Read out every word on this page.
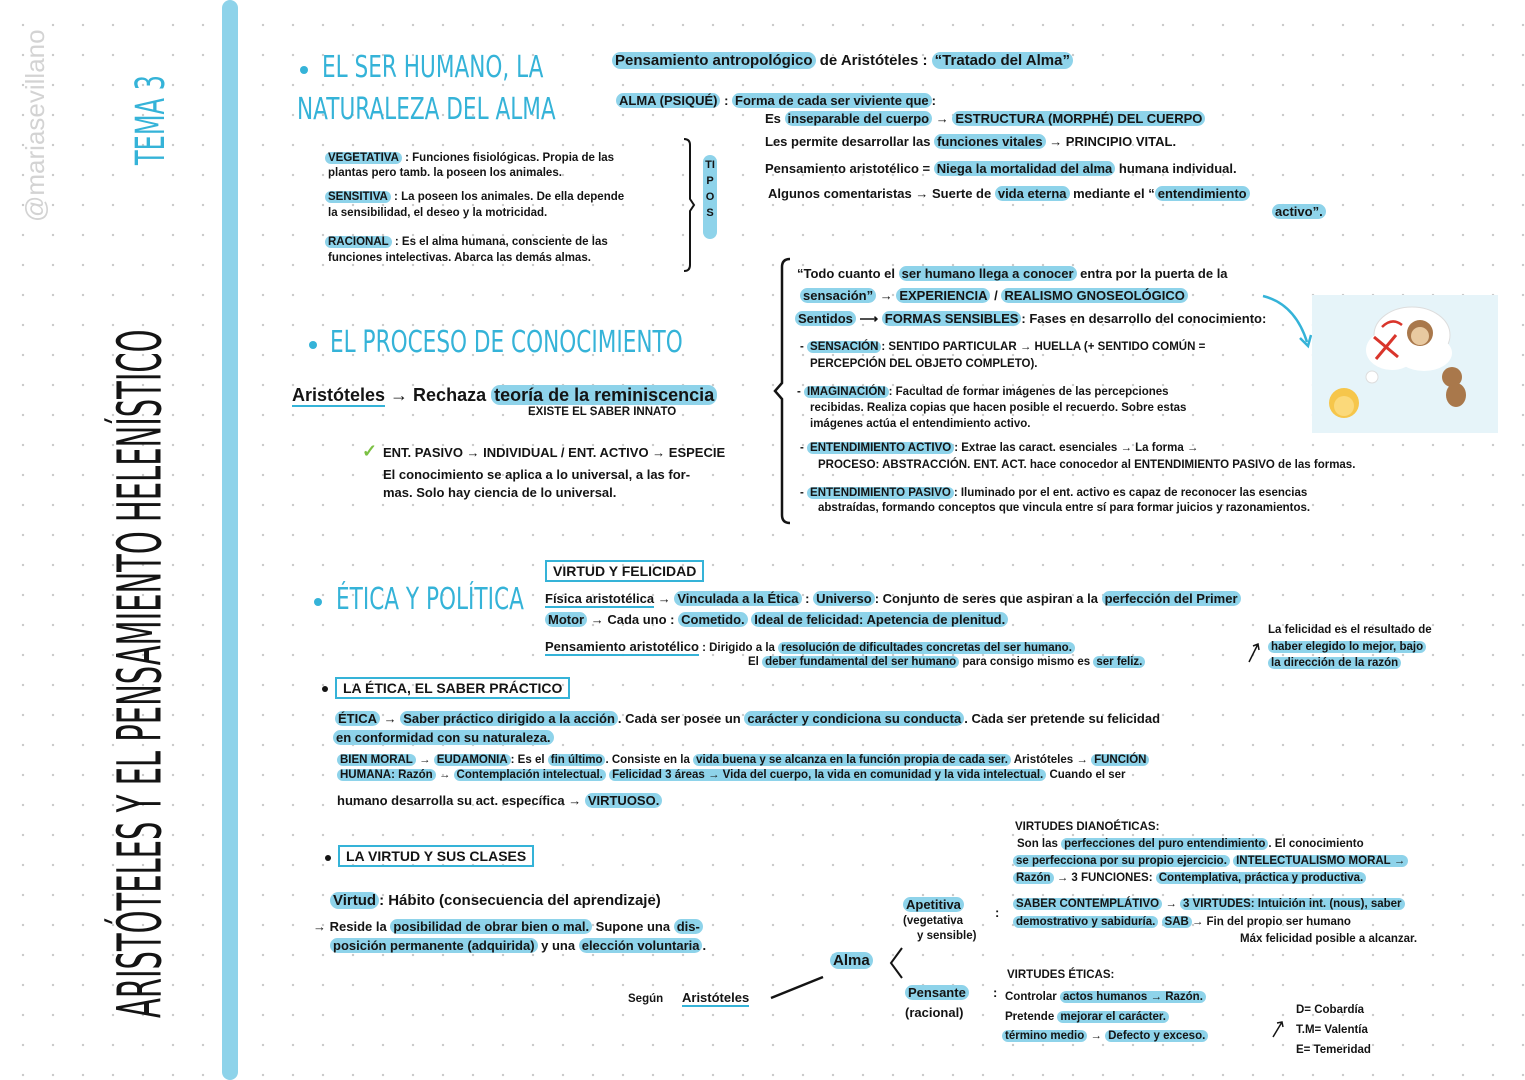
@mariasevillano
ARISTÓTELES Y EL PENSAMIENTO HELENÍSTICO
TEMA 3
EL SER HUMANO, LA
NATURALEZA DEL ALMA
VEGETATIVA : Funciones fisiológicas. Propia de las
plantas pero tamb. la poseen los animales.
SENSITIVA : La poseen los animales. De ella depende
la sensibilidad, el deseo y la motricidad.
RACIONAL : Es el alma humana, consciente de las
funciones intelectivas. Abarca las demás almas.
TIPOS
Pensamiento antropológico de Aristóteles : “Tratado del Alma”
ALMA (PSIQUÉ) : Forma de cada ser viviente que :
Es inseparable del cuerpo → ESTRUCTURA (MORPHÉ) DEL CUERPO
Les permite desarrollar las funciones vitales → PRINCIPIO VITAL.
Pensamiento aristotélico = Niega la mortalidad del alma humana individual.
Algunos comentaristas → Suerte de vida eterna mediante el “ entendimiento
activo”.
EL PROCESO DE CONOCIMIENTO
Aristóteles → Rechaza teoría de la reminiscencia
EXISTE EL SABER INNATO
✓ ENT. PASIVO → INDIVIDUAL / ENT. ACTIVO → ESPECIE
El conocimiento se aplica a lo universal, a las for-
mas. Solo hay ciencia de lo universal.
“Todo cuanto el ser humano llega a conocer entra por la puerta de la
sensación” → EXPERIENCIA / REALISMO GNOSEOLÓGICO
Sentidos ⟶ FORMAS SENSIBLES : Fases en desarrollo del conocimiento:
- SENSACIÓN : SENTIDO PARTICULAR → HUELLA (+ SENTIDO COMÚN =
PERCEPCIÓN DEL OBJETO COMPLETO).
- IMAGINACIÓN : Facultad de formar imágenes de las percepciones
recibidas. Realiza copias que hacen posible el recuerdo. Sobre estas
imágenes actúa el entendimiento activo.
- ENTENDIMIENTO ACTIVO : Extrae las caract. esenciales → La forma →
PROCESO: ABSTRACCIÓN. ENT. ACT. hace conocedor al ENTENDIMIENTO PASIVO de las formas.
- ENTENDIMIENTO PASIVO : Iluminado por el ent. activo es capaz de reconocer las esencias
abstraídas, formando conceptos que vincula entre sí para formar juicios y razonamientos.
ÉTICA Y POLÍTICA
VIRTUD Y FELICIDAD
Física aristotélica → Vinculada a la Ética : Universo : Conjunto de seres que aspiran a la perfección del Primer
Motor → Cada uno : Cometido. Ideal de felicidad: Apetencia de plenitud.
Pensamiento aristotélico : Dirigido a la resolución de dificultades concretas del ser humano.
El deber fundamental del ser humano para consigo mismo es ser feliz.
La felicidad es el resultado de
haber elegido lo mejor, bajo
la dirección de la razón
LA ÉTICA, EL SABER PRÁCTICO
ÉTICA → Saber práctico dirigido a la acción . Cada ser posee un carácter y condiciona su conducta . Cada ser pretende su felicidad
en conformidad con su naturaleza.
BIEN MORAL → EUDAMONIA : Es el fin último . Consiste en la vida buena y se alcanza en la función propia de cada ser. Aristóteles → FUNCIÓN
HUMANA: Razón → Contemplación intelectual. Felicidad 3 áreas → Vida del cuerpo, la vida en comunidad y la vida intelectual. Cuando el ser
humano desarrolla su act. específica → VIRTUOSO.
LA VIRTUD Y SUS CLASES
Virtud : Hábito (consecuencia del aprendizaje)
→ Reside la posibilidad de obrar bien o mal. Supone una dis-
posición permanente (adquirida) y una elección voluntaria .
Según Aristóteles
Alma
Apetitiva
(vegetativa
y sensible)
:
Pensante
(racional)
:
VIRTUDES DIANOÉTICAS:
Son las perfecciones del puro entendimiento . El conocimiento
se perfecciona por su propio ejercicio. INTELECTUALISMO MORAL →
Razón → 3 FUNCIONES: Contemplativa, práctica y productiva.
SABER CONTEMPLÁTIVO → 3 VIRTUDES: Intuición int. (nous), saber
demostrativo y sabiduría. SAB → Fin del propio ser humano
Máx felicidad posible a alcanzar.
VIRTUDES ÉTICAS:
Controlar actos humanos → Razón.
Pretende mejorar el carácter.
término medio → Defecto y exceso.
D= Cobardía
T.M= Valentía
E= Temeridad
